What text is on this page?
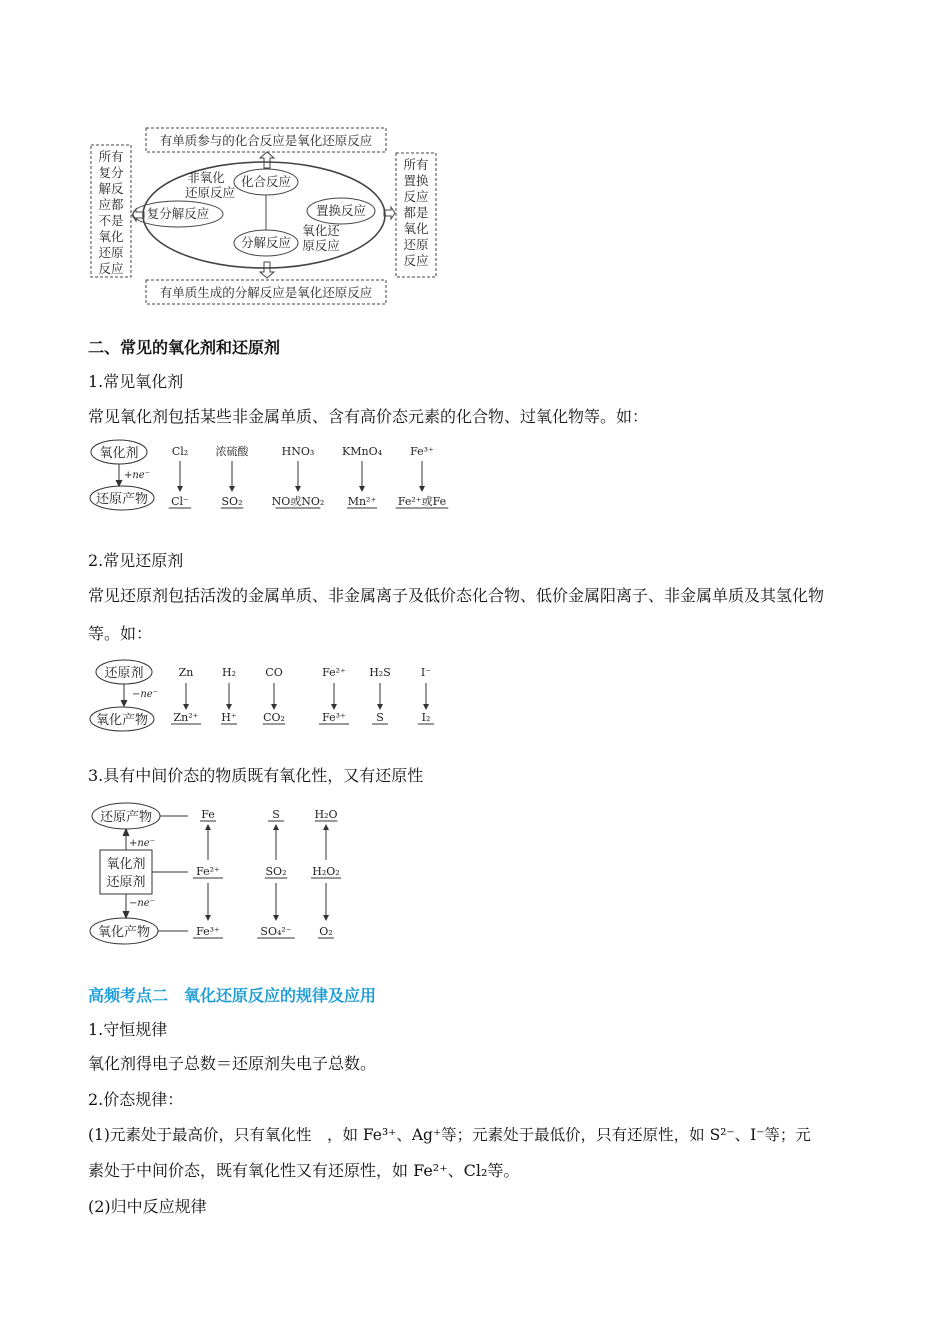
有单质参与的化合反应是氧化还原反应
有单质生成的分解反应是氧化还原反应
化合反应
复分解反应	置换反应
分解反应
非氧化
还原反应
氧化还
原反应
所有
复分
解反
应都
不是
氧化
还原
反应
所有
置换
反应
都是
氧化
还原
反应
二、常见的氧化剂和还原剂
1.常见氧化剂
常见氧化剂包括某些非金属单质、含有高价态元素的化合物、过氧化物等。如：
氧化剂
还原产物
+ne⁻
Cl₂
Cl⁻
浓硫酸
SO₂
HNO₃
NO或NO₂
KMnO₄
Mn²⁺
Fe³⁺
Fe²⁺或Fe
2.常见还原剂
常见还原剂包括活泼的金属单质、非金属离子及低价态化合物、低价金属阳离子、非金属单质及其氢化物
等。如：
还原剂
氧化产物
−ne⁻
Zn
Zn²⁺
H₂
H⁺
CO
CO₂
Fe²⁺
Fe³⁺
H₂S
S
I⁻
I₂
3.具有中间价态的物质既有氧化性，又有还原性
还原产物
氧化剂
还原剂
氧化产物
+ne⁻
−ne⁻
Fe
Fe²⁺
Fe³⁺
S
SO₂
SO₄²⁻
H₂O
H₂O₂
O₂
高频考点二　氧化还原反应的规律及应用
1.守恒规律
氧化剂得电子总数＝还原剂失电子总数。
2.价态规律：
(1)元素处于最高价，只有氧化性　，如 Fe³⁺、Ag⁺等；元素处于最低价，只有还原性，如 S²⁻、I⁻等；元
素处于中间价态，既有氧化性又有还原性，如 Fe²⁺、Cl₂等。
(2)归中反应规律
